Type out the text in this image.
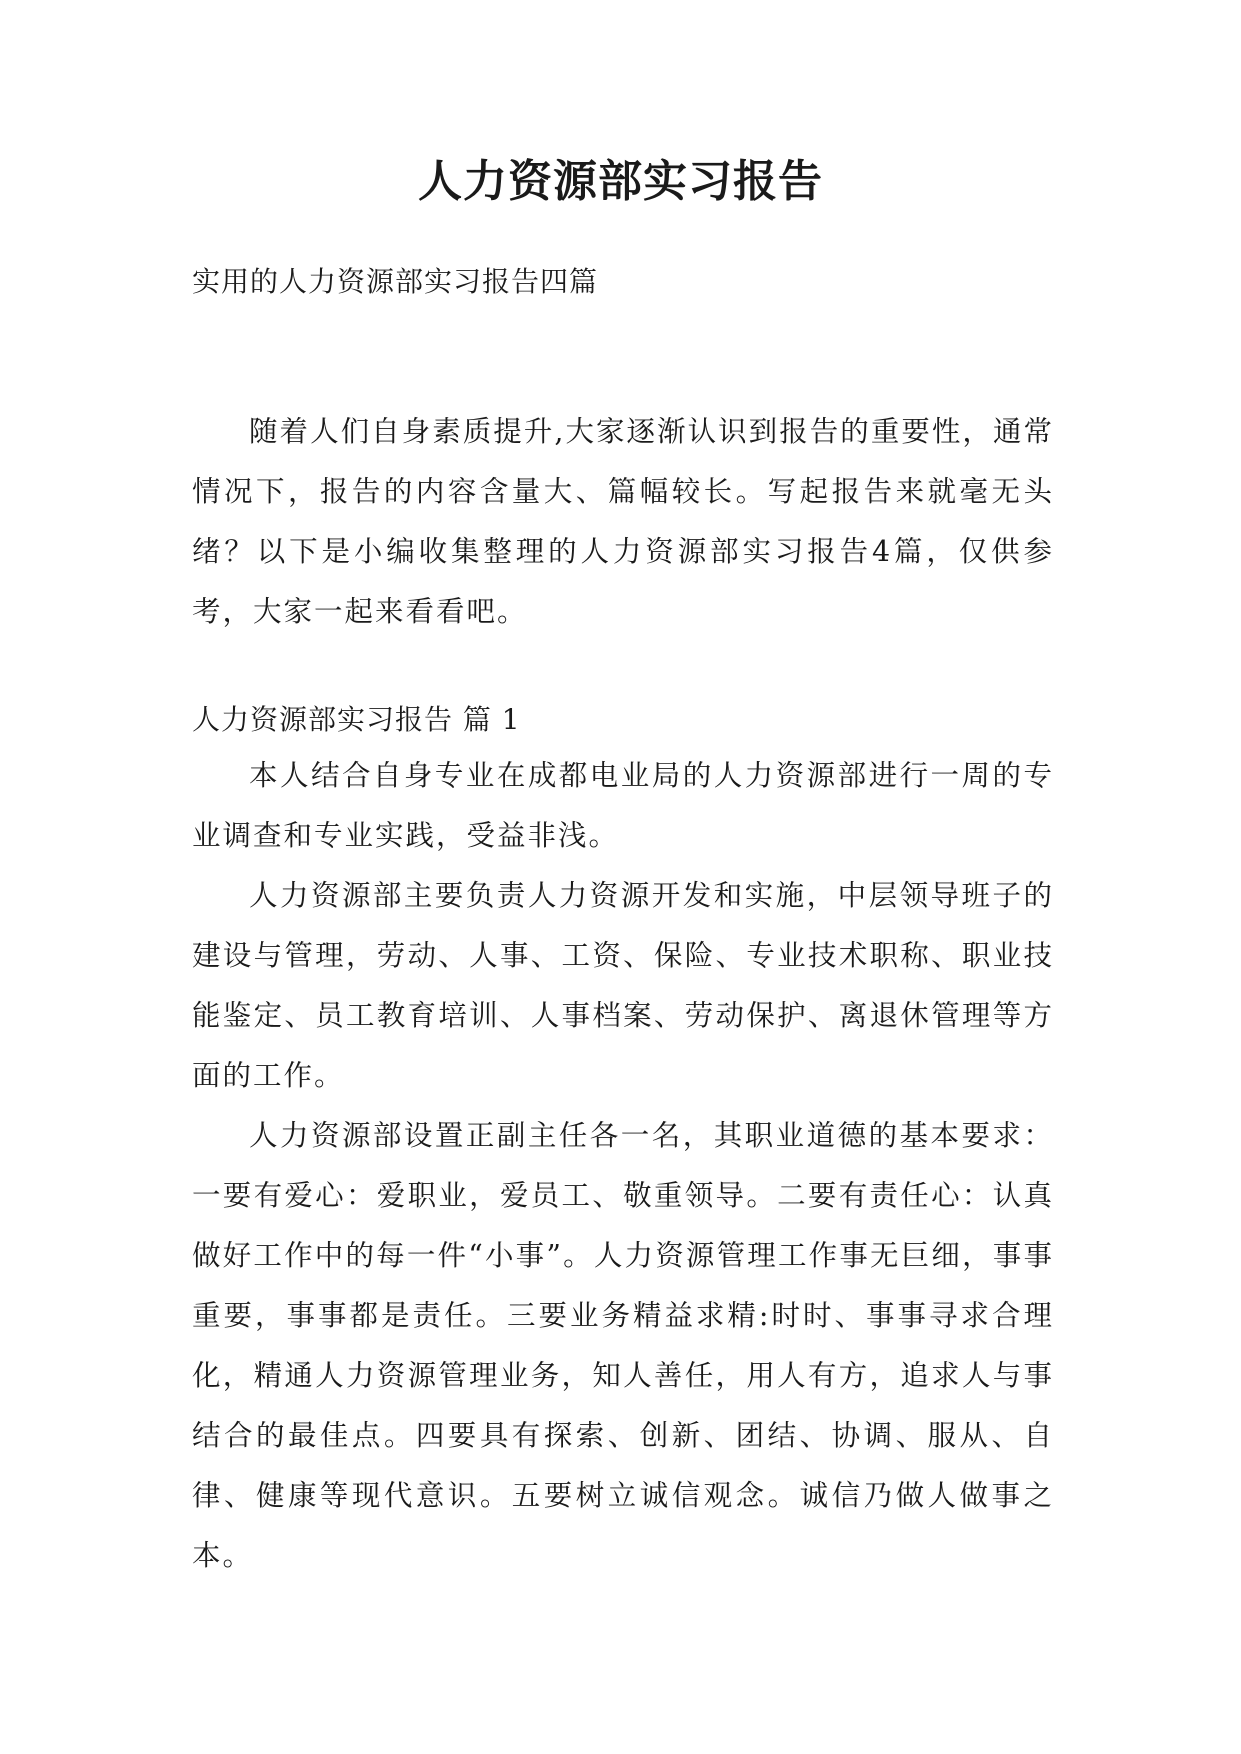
人力资源部实习报告

实用的人力资源部实习报告四篇

随着人们自身素质提升,大家逐渐认识到报告的重要性，通常情况下，报告的内容含量大、篇幅较长。写起报告来就毫无头绪？以下是小编收集整理的人力资源部实习报告4篇，仅供参考，大家一起来看看吧。

人力资源部实习报告 篇 1

本人结合自身专业在成都电业局的人力资源部进行一周的专业调查和专业实践，受益非浅。

人力资源部主要负责人力资源开发和实施，中层领导班子的建设与管理，劳动、人事、工资、保险、专业技术职称、职业技能鉴定、员工教育培训、人事档案、劳动保护、离退休管理等方面的工作。

人力资源部设置正副主任各一名，其职业道德的基本要求： 一要有爱心：爱职业，爱员工、敬重领导。二要有责任心：认真做好工作中的每一件“小事”。人力资源管理工作事无巨细，事事重要，事事都是责任。三要业务精益求精:时时、事事寻求合理化，精通人力资源管理业务，知人善任，用人有方，追求人与事结合的最佳点。四要具有探索、创新、团结、协调、服从、自律、健康等现代意识。五要树立诚信观念。诚信乃做人做事之本。
